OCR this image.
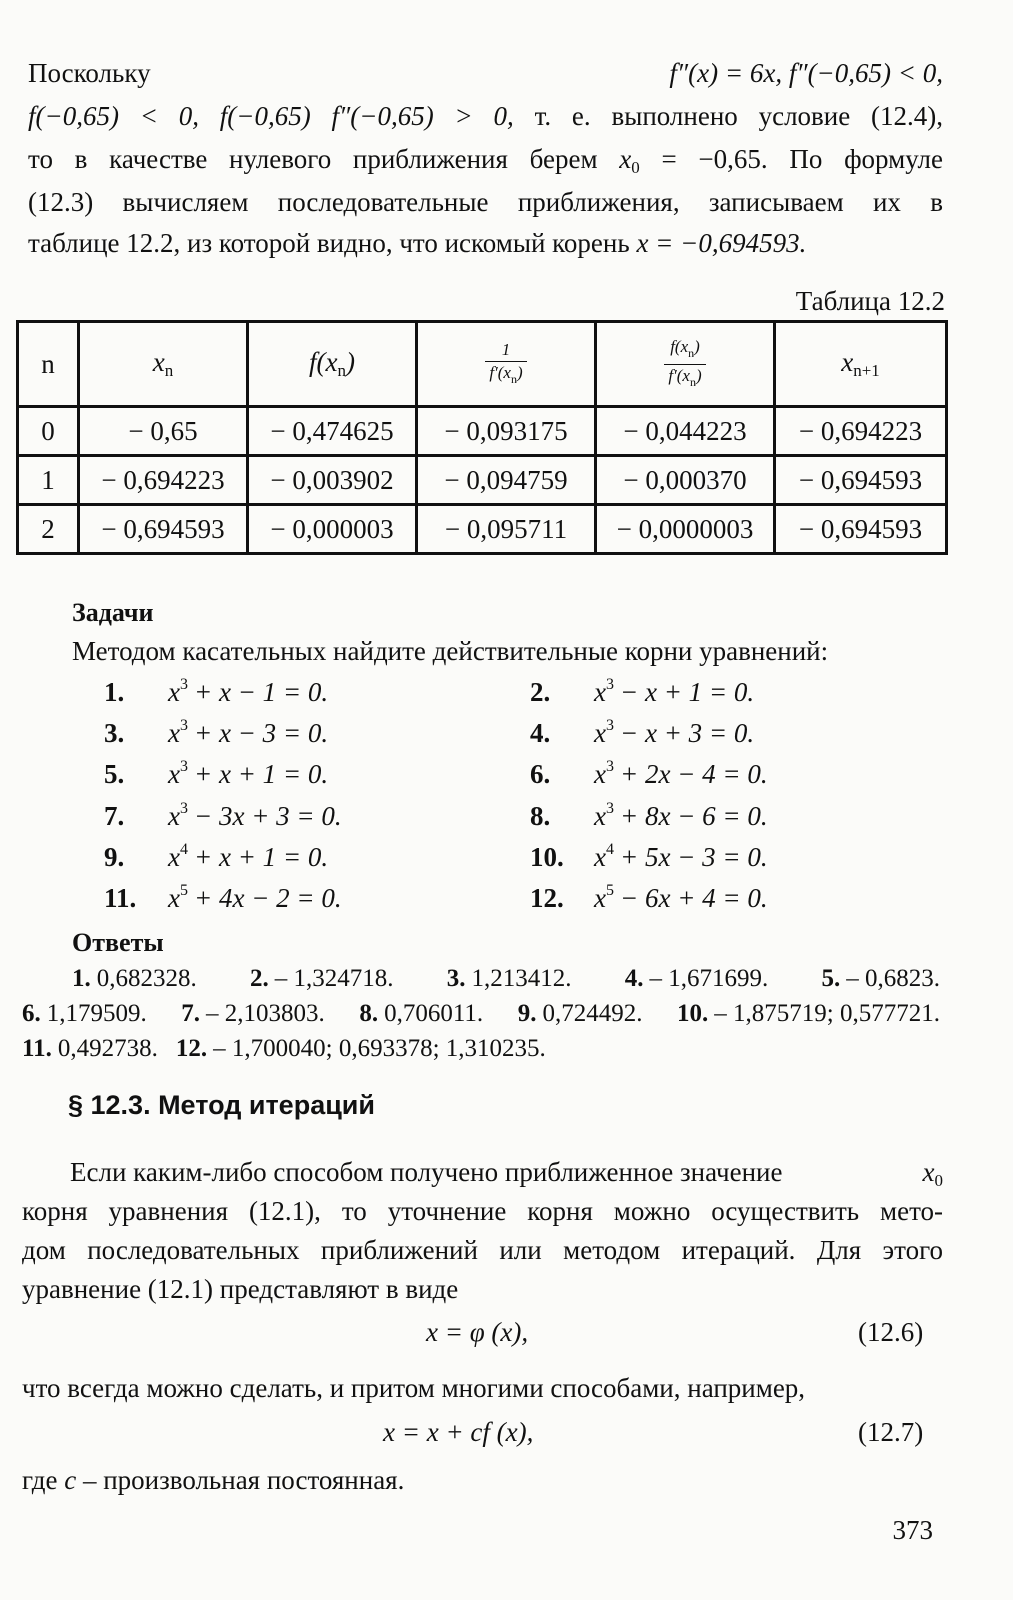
Поскольку	f″(x) = 6x, f″(−0,65) < 0,
f(−0,65) < 0, f(−0,65) f″(−0,65) > 0, т. е. выполнено условие (12.4),
то в качестве нулевого приближения берем $x_0 = -0,65$. По формуле
(12.3) вычисляем последовательные приближения, записываем их в
таблице 12.2, из которой видно, что искомый корень x = −0,694593.
Таблица 12.2
n	$x_n$	$f(x_n)$	$\frac{1}{f'(x_n)}$	$\frac{f(x_n)}{f'(x_n)}$	$x_{n+1}$
0	− 0,65	− 0,474625	− 0,093175	− 0,044223	− 0,694223
1	− 0,694223	− 0,003902	− 0,094759	− 0,000370	− 0,694593
2	− 0,694593	− 0,000003	− 0,095711	− 0,0000003	− 0,694593
Задачи
Методом касательных найдите действительные корни уравнений:
1. $x^3 + x - 1 = 0$.	2. $x^3 - x + 1 = 0$.
3. $x^3 + x - 3 = 0$.	4. $x^3 - x + 3 = 0$.
5. $x^3 + x + 1 = 0$.	6. $x^3 + 2x - 4 = 0$.
7. $x^3 - 3x + 3 = 0$.	8. $x^3 + 8x - 6 = 0$.
9. $x^4 + x + 1 = 0$.	10. $x^4 + 5x - 3 = 0$.
11. $x^5 + 4x - 2 = 0$.	12. $x^5 - 6x + 4 = 0$.
Ответы
1. 0,682328. 2. – 1,324718. 3. 1,213412. 4. – 1,671699. 5. – 0,6823.
6. 1,179509. 7. – 2,103803. 8. 0,706011. 9. 0,724492. 10. – 1,875719; 0,577721.
11. 0,492738. 12. – 1,700040; 0,693378; 1,310235.
§ 12.3. Метод итераций
Если каким-либо способом получено приближенное значение	$x_0$
корня уравнения (12.1), то уточнение корня можно осуществить мето-
дом последовательных приближений или методом итераций. Для этого
уравнение (12.1) представляют в виде
x = φ (x),	(12.6)
что всегда можно сделать, и притом многими способами, например,
x = x + cf (x),	(12.7)
где c – произвольная постоянная.
373
